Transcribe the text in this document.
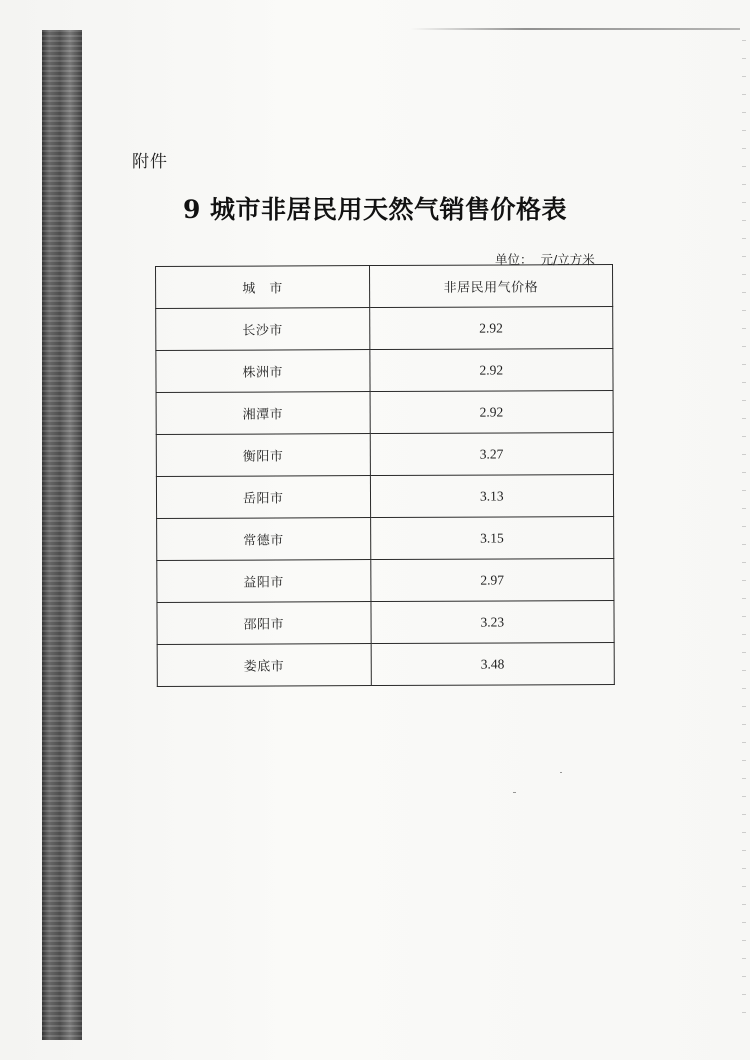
附件
9 城市非居民用天然气销售价格表
单位： 元/立方米
城 市	非居民用气价格
长沙市	2.92
株洲市	2.92
湘潭市	2.92
衡阳市	3.27
岳阳市	3.13
常德市	3.15
益阳市	2.97
邵阳市	3.23
娄底市	3.48
